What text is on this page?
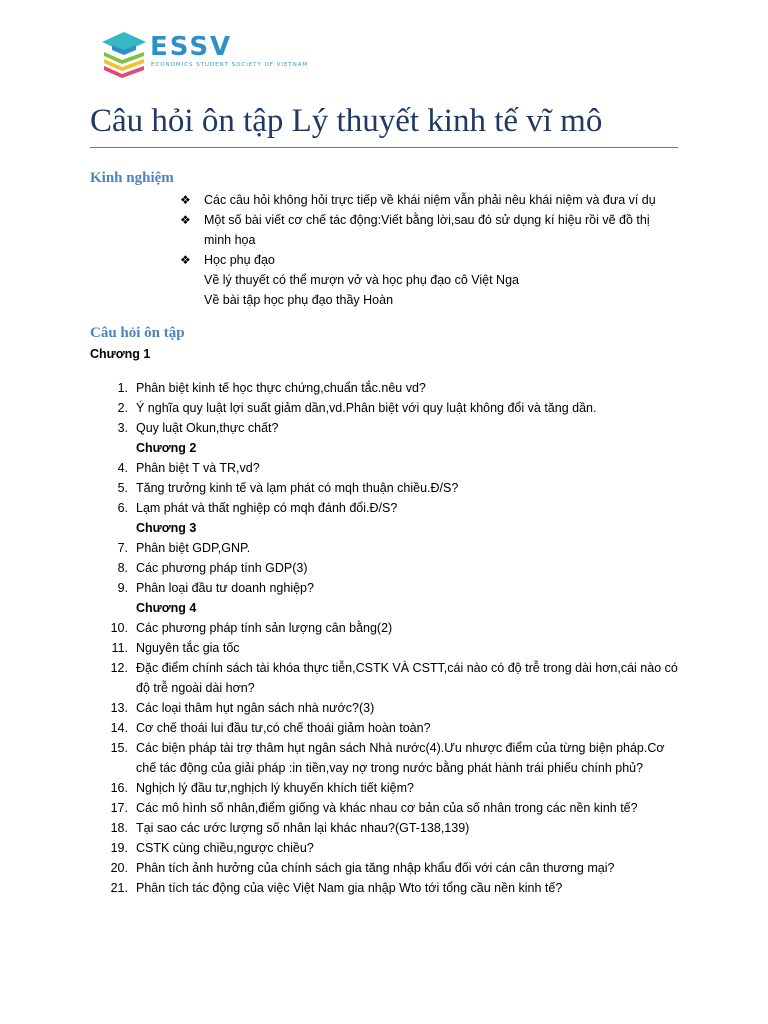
ESSV
ECONOMICS STUDENT SOCIETY OF VIETNAM
Câu hỏi ôn tập Lý thuyết kinh tế vĩ mô
Kinh nghiệm
❖ Các câu hỏi không hỏi trực tiếp về khái niệm vẫn phải nêu khái niệm và đưa ví dụ
❖ Một số bài viết cơ chế tác động:Viết bằng lời,sau đó sử dụng kí hiệu rồi vẽ đồ thị
minh họa
❖ Học phụ đạo
Về lý thuyết có thể mượn vở và học phụ đạo cô Việt Nga
Về bài tập học phụ đạo thầy Hoàn
Câu hỏi ôn tập
Chương 1
1. Phân biệt kinh tế học thực chứng,chuẩn tắc.nêu vd?
2. Ý nghĩa quy luật lợi suất giảm dần,vd.Phân biệt với quy luật không đổi và tăng dần.
3. Quy luật Okun,thực chất?
Chương 2
4. Phân biệt T và TR,vd?
5. Tăng trưởng kinh tế và lạm phát có mqh thuận chiều.Đ/S?
6. Lạm phát và thất nghiệp có mqh đánh đổi.Đ/S?
Chương 3
7. Phân biệt GDP,GNP.
8. Các phương pháp tính GDP(3)
9. Phân loại đầu tư doanh nghiệp?
Chương 4
10. Các phương pháp tính sản lượng cân bằng(2)
11. Nguyên tắc gia tốc
12. Đặc điểm chính sách tài khóa thực tiễn,CSTK VÀ CSTT,cái nào có độ trễ trong dài hơn,cái nào có
độ trễ ngoài dài hơn?
13. Các loại thâm hụt ngân sách nhà nước?(3)
14. Cơ chế thoái lui đầu tư,có chế thoái giảm hoàn toàn?
15. Các biện pháp tài trợ thâm hụt ngân sách Nhà nước(4).Ưu nhược điểm của từng biện pháp.Cơ
chế tác động của giải pháp :in tiền,vay nợ trong nước bằng phát hành trái phiếu chính phủ?
16. Nghịch lý đầu tư,nghịch lý khuyến khích tiết kiệm?
17. Các mô hình số nhân,điểm giống và khác nhau cơ bản của số nhân trong các nền kinh tế?
18. Tại sao các ước lượng số nhân lại khác nhau?(GT-138,139)
19. CSTK cùng chiều,ngược chiều?
20. Phân tích ảnh hưởng của chính sách gia tăng nhập khẩu đối với cán cân thương mại?
21. Phân tích tác động của việc Việt Nam gia nhập Wto tới tổng cầu nền kinh tế?
